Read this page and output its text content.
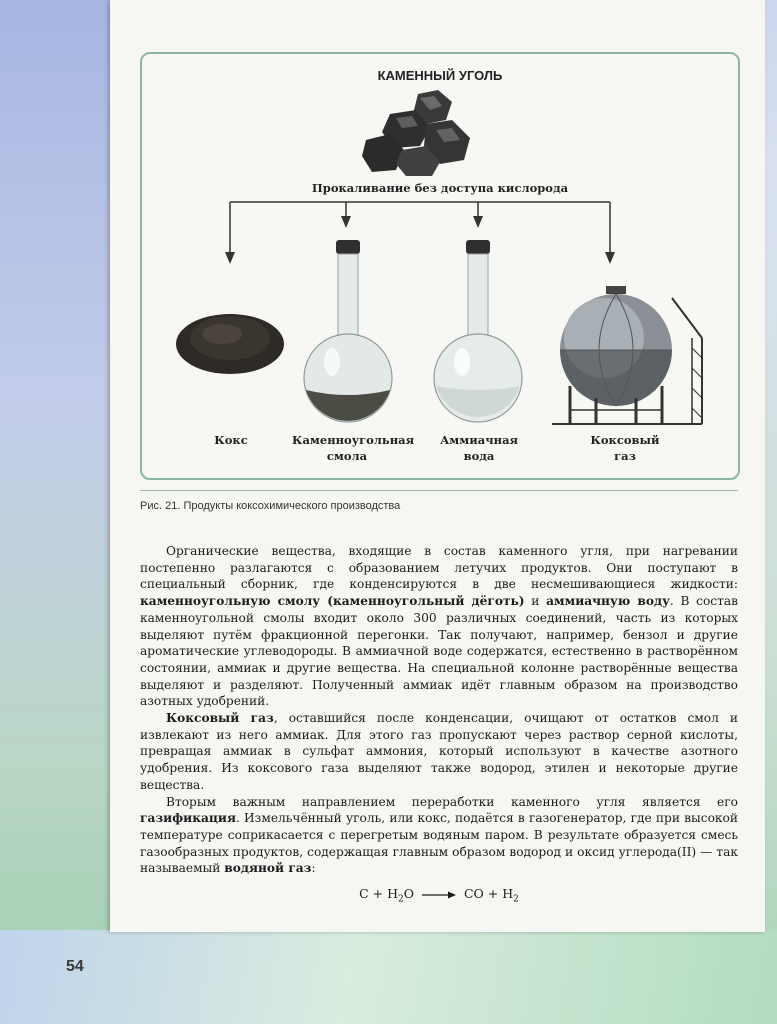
КАМЕННЫЙ УГОЛЬ
Прокаливание без доступа кислорода
Кокс	Каменноугольная
смола
Аммиачная
вода
Коксовый
газ
Рис. 21. Продукты коксохимического производства

Органические вещества, входящие в состав каменного угля, при нагревании постепенно разлагаются с образованием летучих продуктов. Они поступают в специальный сборник, где конденсируются в две несмешивающиеся жидкости: каменноугольную смолу (каменноугольный дёготь) и аммиачную воду. В состав каменноугольной смолы входит около 300 различных соединений, часть из которых выделяют путём фракционной перегонки. Так получают, например, бензол и другие ароматические углеводороды. В аммиачной воде содержатся, естественно в растворённом состоянии, аммиак и другие вещества. На специальной колонне растворённые вещества выделяют и разделяют. Полученный аммиак идёт главным образом на производство азотных удобрений.

Коксовый газ, оставшийся после конденсации, очищают от остатков смол и извлекают из него аммиак. Для этого газ пропускают через раствор серной кислоты, превращая аммиак в сульфат аммония, который используют в качестве азотного удобрения. Из коксового газа выделяют также водород, этилен и некоторые другие вещества.

Вторым важным направлением переработки каменного угля является его газификация. Измельчённый уголь, или кокс, подаётся в газогенератор, где при высокой температуре соприкасается с перегретым водяным паром. В результате образуется смесь газообразных продуктов, содержащая главным образом водород и оксид углерода(II) — так называемый водяной газ:

$C + H_2O$ → CO + $H_2$
54
